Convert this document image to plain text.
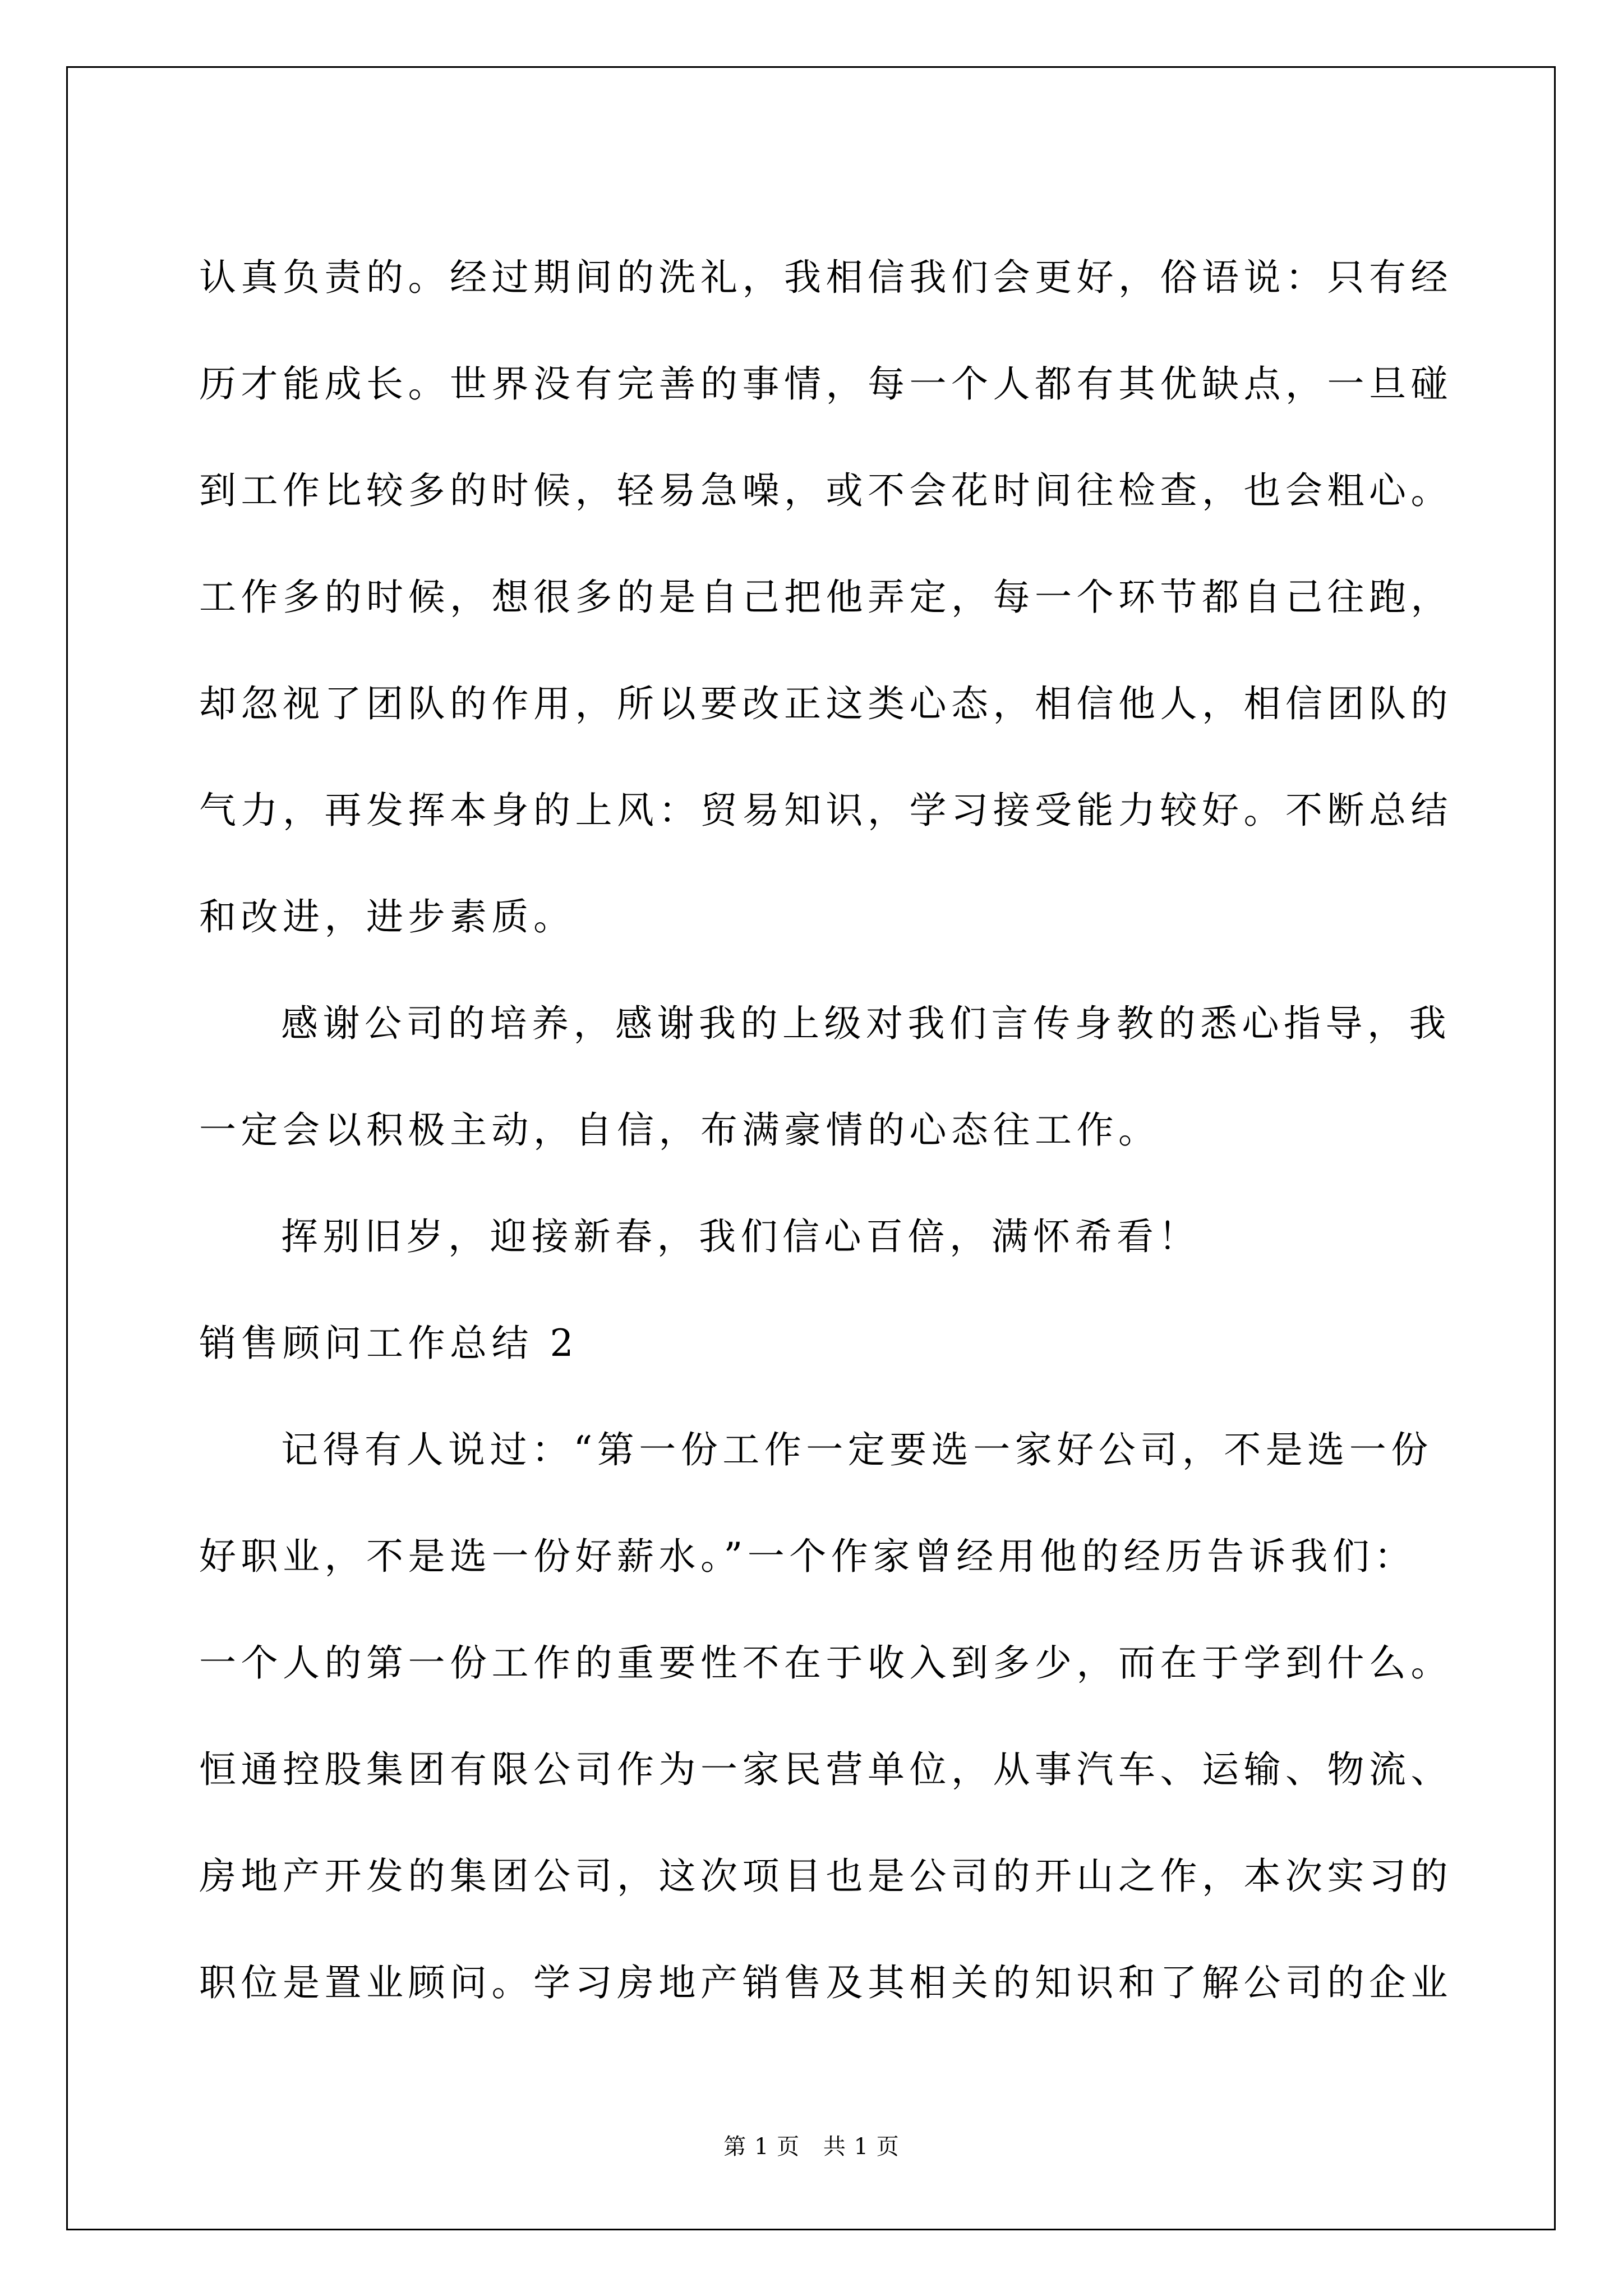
认真负责的。经过期间的洗礼，我相信我们会更好，俗语说：只有经
历才能成长。世界没有完善的事情，每一个人都有其优缺点，一旦碰
到工作比较多的时候，轻易急噪，或不会花时间往检查，也会粗心。
工作多的时候，想很多的是自己把他弄定，每一个环节都自己往跑，
却忽视了团队的作用，所以要改正这类心态，相信他人，相信团队的
气力，再发挥本身的上风：贸易知识，学习接受能力较好。不断总结
和改进，进步素质。
感谢公司的培养，感谢我的上级对我们言传身教的悉心指导，我
一定会以积极主动，自信，布满豪情的心态往工作。
挥别旧岁，迎接新春，我们信心百倍，满怀希看！
销售顾问工作总结 2
记得有人说过：“第一份工作一定要选一家好公司，不是选一份
好职业，不是选一份好薪水。”一个作家曾经用他的经历告诉我们：
一个人的第一份工作的重要性不在于收入到多少，而在于学到什么。
恒通控股集团有限公司作为一家民营单位，从事汽车、运输、物流、
房地产开发的集团公司，这次项目也是公司的开山之作，本次实习的
职位是置业顾问。学习房地产销售及其相关的知识和了解公司的企业
第 1 页 共 1 页
